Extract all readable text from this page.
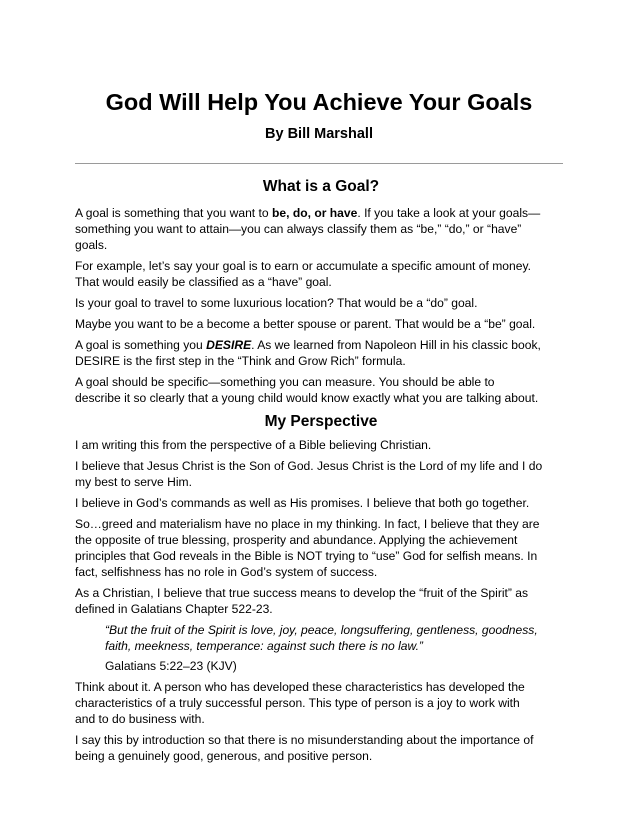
God Will Help You Achieve Your Goals
By Bill Marshall
What is a Goal?

A goal is something that you want to be, do, or have. If you take a look at your goals—
something you want to attain—you can always classify them as “be,” “do,” or “have”
goals.

For example, let’s say your goal is to earn or accumulate a specific amount of money.
That would easily be classified as a “have” goal.

Is your goal to travel to some luxurious location? That would be a “do” goal.

Maybe you want to be a become a better spouse or parent. That would be a “be” goal.

A goal is something you DESIRE. As we learned from Napoleon Hill in his classic book,
DESIRE is the first step in the “Think and Grow Rich” formula.

A goal should be specific—something you can measure. You should be able to
describe it so clearly that a young child would know exactly what you are talking about.

My Perspective

I am writing this from the perspective of a Bible believing Christian.

I believe that Jesus Christ is the Son of God. Jesus Christ is the Lord of my life and I do
my best to serve Him.

I believe in God’s commands as well as His promises. I believe that both go together.

So…greed and materialism have no place in my thinking. In fact, I believe that they are
the opposite of true blessing, prosperity and abundance. Applying the achievement
principles that God reveals in the Bible is NOT trying to “use” God for selfish means. In
fact, selfishness has no role in God’s system of success.

As a Christian, I believe that true success means to develop the “fruit of the Spirit” as
defined in Galatians Chapter 522-23.

“But the fruit of the Spirit is love, joy, peace, longsuffering, gentleness, goodness,
faith, meekness, temperance: against such there is no law.”

Galatians 5:22–23 (KJV)

Think about it. A person who has developed these characteristics has developed the
characteristics of a truly successful person. This type of person is a joy to work with
and to do business with.

I say this by introduction so that there is no misunderstanding about the importance of
being a genuinely good, generous, and positive person.
